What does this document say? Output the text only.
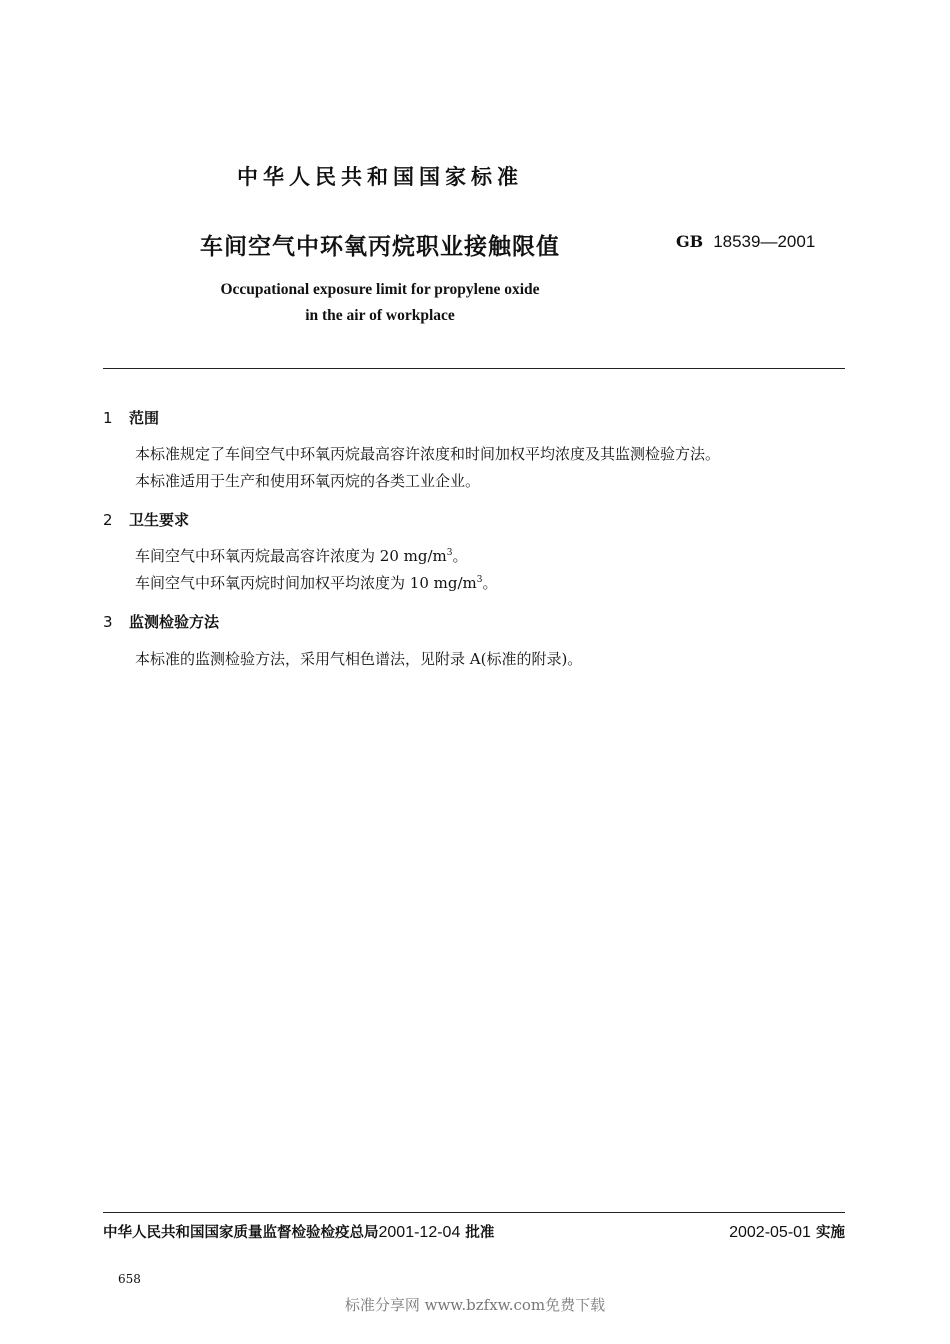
中华人民共和国国家标准
车间空气中环氧丙烷职业接触限值	GB 18539—2001
Occupational exposure limit for propylene oxide
in the air of workplace
1 范围
本标准规定了车间空气中环氧丙烷最高容许浓度和时间加权平均浓度及其监测检验方法。
本标准适用于生产和使用环氧丙烷的各类工业企业。
2 卫生要求
车间空气中环氧丙烷最高容许浓度为 20 $mg/m^3$。
车间空气中环氧丙烷时间加权平均浓度为 10 $mg/m^3$。
3 监测检验方法
本标准的监测检验方法，采用气相色谱法，见附录 A(标准的附录)。
中华人民共和国国家质量监督检验检疫总局2001-12-04 批准	2002-05-01 实施
658
标准分享网 www.bzfxw.com免费下载
